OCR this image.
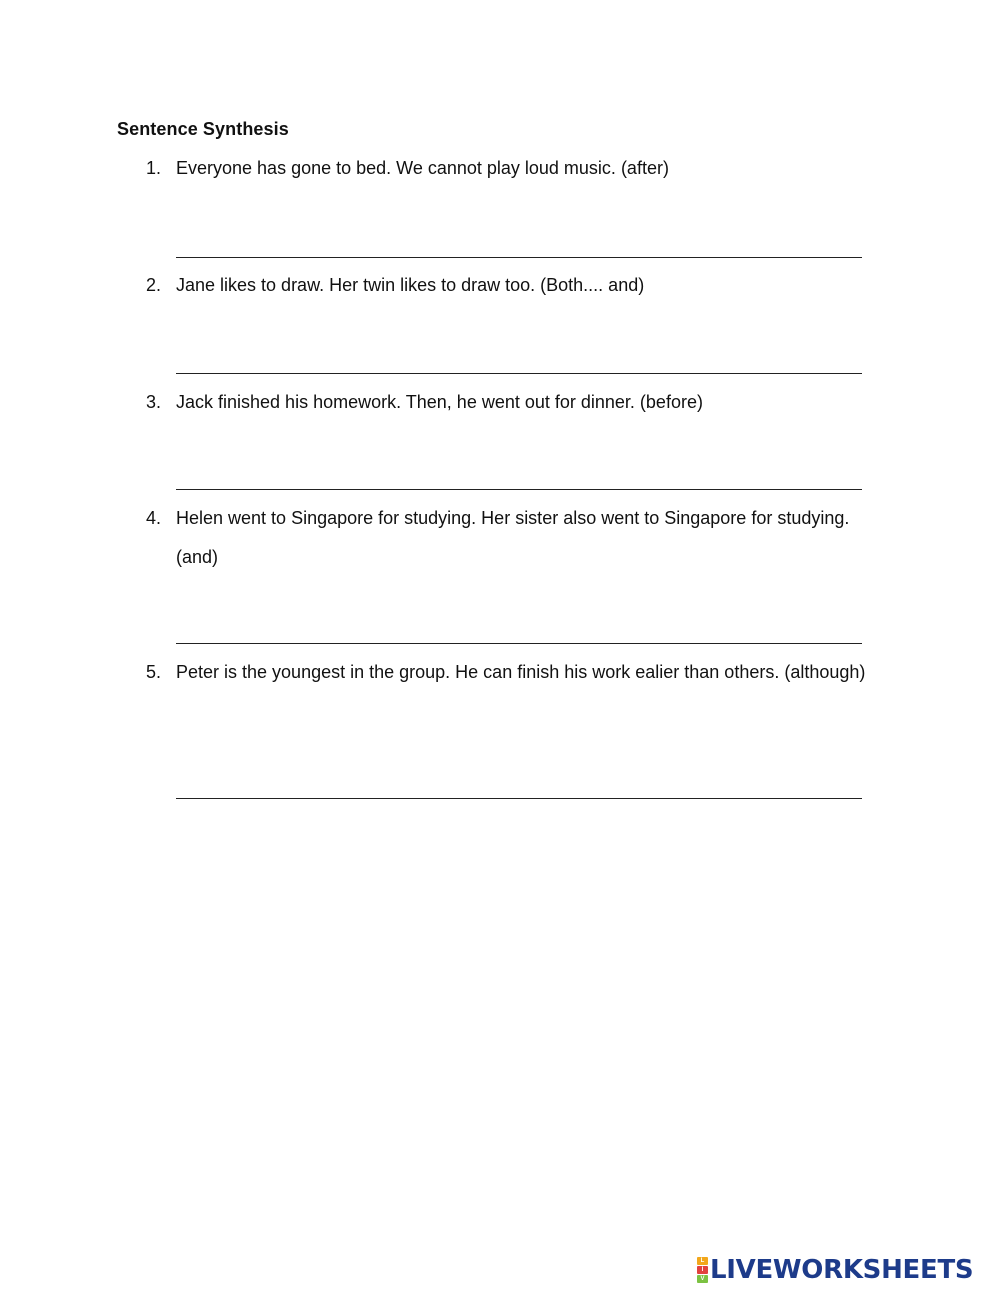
Sentence Synthesis
1. Everyone has gone to bed. We cannot play loud music. (after)

2. Jane likes to draw. Her twin likes to draw too. (Both.... and)

3. Jack finished his homework. Then, he went out for dinner. (before)

4. Helen went to Singapore for studying. Her sister also went to Singapore for studying. (and)

5. Peter is the youngest in the group. He can finish his work ealier than others. (although)

L
I
V LIVEWORKSHEETS
